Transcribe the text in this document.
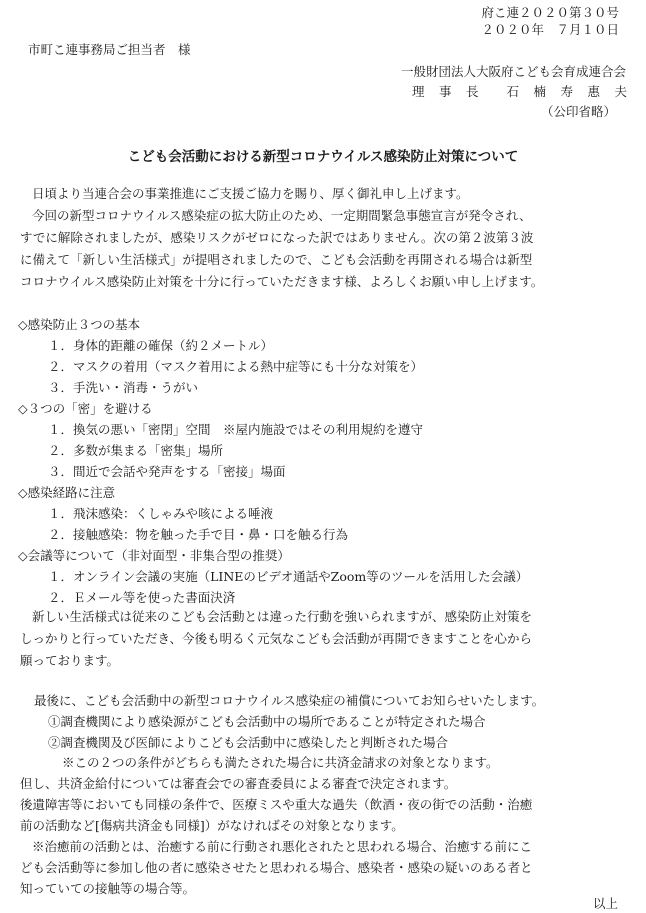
府こ連２０２０第３０号
２０２０年　７月１０日
市町こ連事務局ご担当者　様
一般財団法人大阪府こども会育成連合会
理　事　長　　石　楠　寿　惠　夫
（公印省略）
こども会活動における新型コロナウイルス感染防止対策について
日頃より当連合会の事業推進にご支援ご協力を賜り、厚く御礼申し上げます。
今回の新型コロナウイルス感染症の拡大防止のため、一定期間緊急事態宣言が発令され、
すでに解除されましたが、感染リスクがゼロになった訳ではありません。次の第２波第３波
に備えて「新しい生活様式」が提唱されましたので、こども会活動を再開される場合は新型
コロナウイルス感染防止対策を十分に行っていただきます様、よろしくお願い申し上げます。
◇感染防止３つの基本
１．身体的距離の確保（約２メートル）
２．マスクの着用（マスク着用による熱中症等にも十分な対策を）
３．手洗い・消毒・うがい
◇３つの「密」を避ける
１．換気の悪い「密閉」空間　※屋内施設ではその利用規約を遵守
２．多数が集まる「密集」場所
３．間近で会話や発声をする「密接」場面
◇感染経路に注意
１．飛沫感染：くしゃみや咳による唾液
２．接触感染：物を触った手で目・鼻・口を触る行為
◇会議等について（非対面型・非集合型の推奨）
１．オンライン会議の実施（LINEのビデオ通話やZoom等のツールを活用した会議）
２．Ｅメール等を使った書面決済
新しい生活様式は従来のこども会活動とは違った行動を強いられますが、感染防止対策を
しっかりと行っていただき、今後も明るく元気なこども会活動が再開できますことを心から
願っております。
最後に、こども会活動中の新型コロナウイルス感染症の補償についてお知らせいたします。
①調査機関により感染源がこども会活動中の場所であることが特定された場合
②調査機関及び医師によりこども会活動中に感染したと判断された場合
※この２つの条件がどちらも満たされた場合に共済金請求の対象となります。
但し、共済金給付については審査会での審査委員による審査で決定されます。
後遺障害等においても同様の条件で、医療ミスや重大な過失（飲酒・夜の街での活動・治癒
前の活動など[傷病共済金も同様]）がなければその対象となります。
※治癒前の活動とは、治癒する前に行動され悪化されたと思われる場合、治癒する前にこ
ども会活動等に参加し他の者に感染させたと思われる場合、感染者・感染の疑いのある者と
知っていての接触等の場合等。
以上
